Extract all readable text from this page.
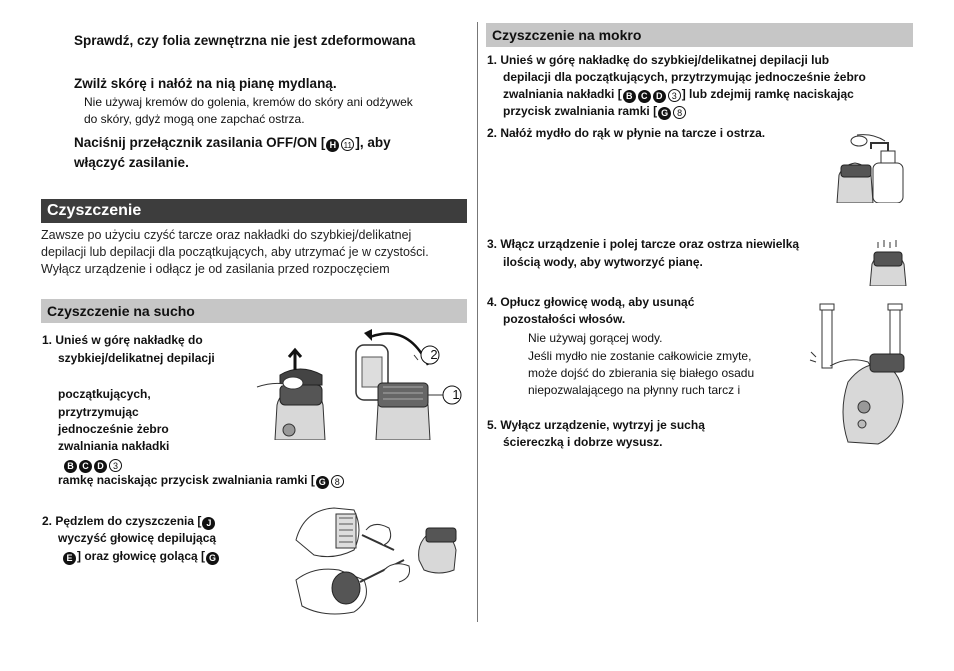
Sprawdź, czy folia zewnętrzna nie jest zdeformowana
Zwilż skórę i nałóż na nią pianę mydlaną.
Nie używaj kremów do golenia, kremów do skóry ani odżywek
do skóry, gdyż mogą one zapchać ostrza.
Naciśnij przełącznik zasilania OFF/ON [ H 11 ], aby
włączyć zasilanie.
Czyszczenie
Zawsze po użyciu czyść tarcze oraz nakładki do szybkiej/delikatnej
depilacji lub depilacji dla początkujących, aby utrzymać je w czystości.
Wyłącz urządzenie i odłącz je od zasilania przed rozpoczęciem
Czyszczenie na sucho
1. Unieś w górę nakładkę do
szybkiej/delikatnej depilacji
początkujących,
przytrzymując
jednocześnie żebro
zwalniania nakładki
B C D 3
ramkę naciskając przycisk zwalniania ramki [ G 8
2. Pędzlem do czyszczenia [ J
wyczyść głowicę depilującą
E ] oraz głowicę golącą [ G
2
1
Czyszczenie na mokro
1. Unieś w górę nakładkę do szybkiej/delikatnej depilacji lub
depilacji dla początkujących, przytrzymując jednocześnie żebro
zwalniania nakładki [ B C D 3 ] lub zdejmij ramkę naciskając
przycisk zwalniania ramki [ G 8
2. Nałóż mydło do rąk w płynie na tarcze i ostrza.
3. Włącz urządzenie i polej tarcze oraz ostrza niewielką
ilością wody, aby wytworzyć pianę.
4. Opłucz głowicę wodą, aby usunąć
pozostałości włosów.
Nie używaj gorącej wody.
Jeśli mydło nie zostanie całkowicie zmyte,
może dojść do zbierania się białego osadu
niepozwalającego na płynny ruch tarcz i
5. Wyłącz urządzenie, wytrzyj je suchą
ściereczką i dobrze wysusz.
